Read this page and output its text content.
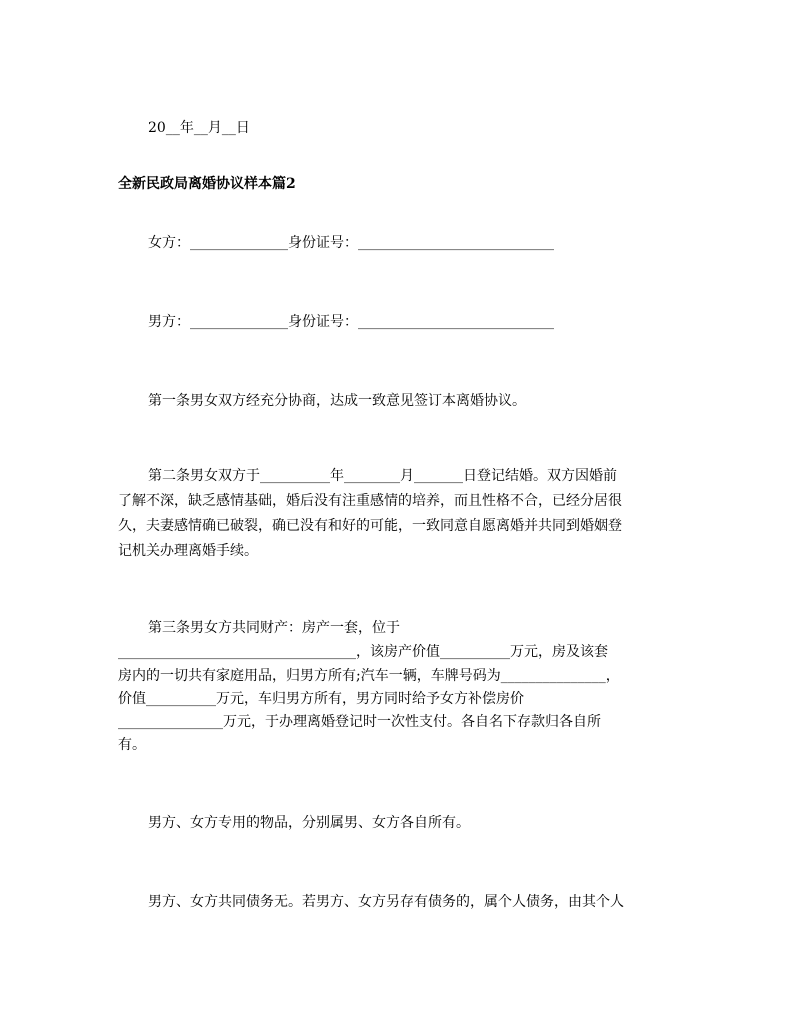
20__年__月__日
全新民政局离婚协议样本篇2
女方：______________身份证号：____________________________
男方：______________身份证号：____________________________
第一条男女双方经充分协商，达成一致意见签订本离婚协议。
第二条男女双方于__________年________月_______日登记结婚。双方因婚前
了解不深，缺乏感情基础，婚后没有注重感情的培养，而且性格不合，已经分居很
久，夫妻感情确已破裂，确已没有和好的可能，一致同意自愿离婚并共同到婚姻登
记机关办理离婚手续。
第三条男女方共同财产：房产一套，位于
__________________________________，该房产价值__________万元，房及该套
房内的一切共有家庭用品，归男方所有;汽车一辆，车牌号码为_______________，
价值__________万元，车归男方所有，男方同时给予女方补偿房价
_______________万元，于办理离婚登记时一次性支付。各自名下存款归各自所
有。
男方、女方专用的物品，分别属男、女方各自所有。
男方、女方共同债务无。若男方、女方另存有债务的，属个人债务，由其个人
